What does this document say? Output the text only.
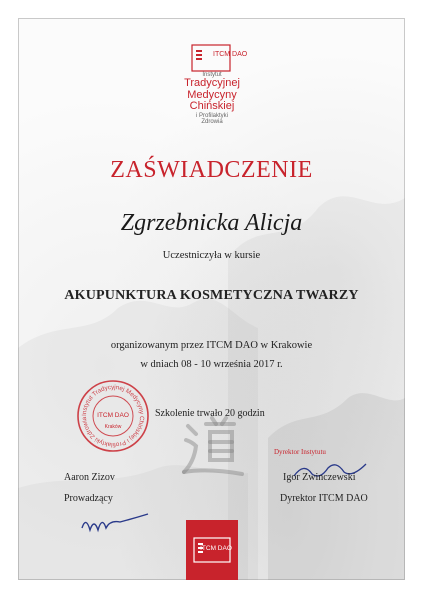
ITCM DAO
Instytut
Tradycyjnej
Medycyny
Chińskiej
i Profilaktyki
Zdrowia
ZAŚWIADCZENIE
Zgrzebnicka Alicja
Uczestniczyła w kursie
AKUPUNKTURA KOSMETYCZNA TWARZY
organizowanym przez ITCM DAO w Krakowie
w dniach 08 - 10 września 2017 r.
Szkolenie trwało 20 godzin
Instytut Tradycyjnej Medycyny Chińskiej i Profilaktyki Zdrowia	ITCM DAO
Kraków
Aaron Zizov
Prowadzący
Dyrektor Instytutu
Igor Zwinczewski
Dyrektor ITCM DAO
ITCM DAO
